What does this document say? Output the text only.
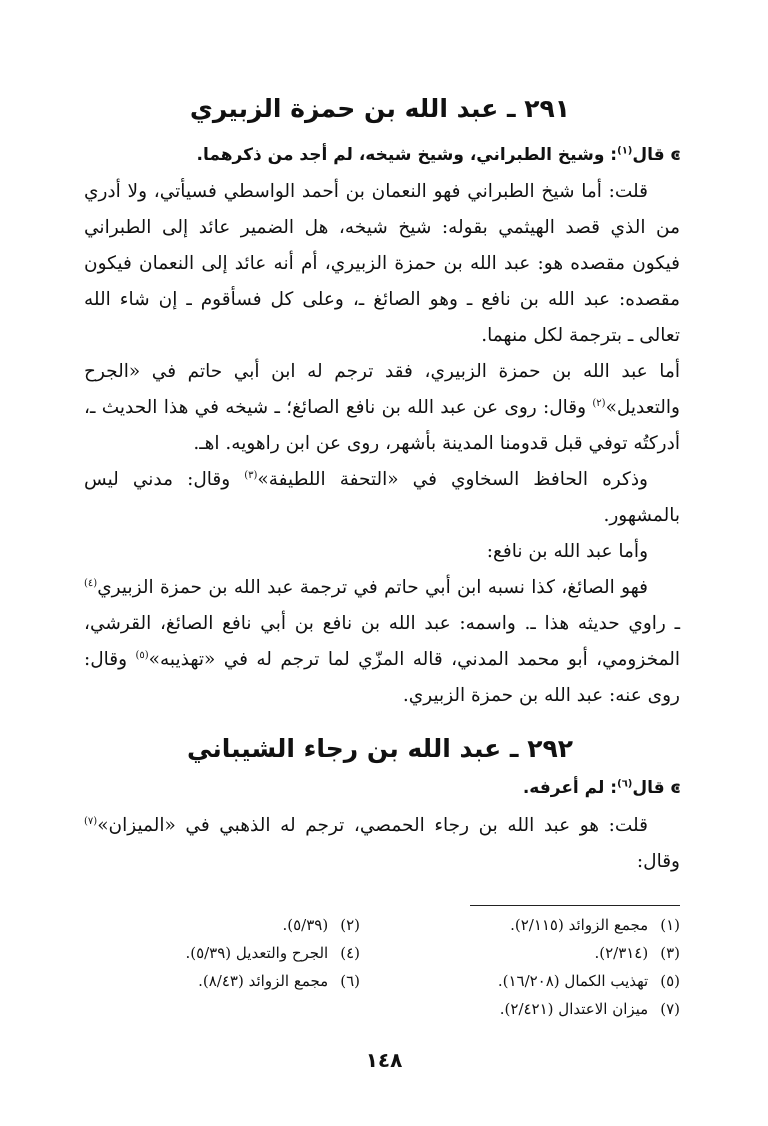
٢٩١ ـ عبد الله بن حمزة الزبيري
ͼقال$^{(١)}$: وشيخ الطبراني، وشيخ شيخه، لم أجد من ذكرهما.
قلت: أما شيخ الطبراني فهو النعمان بن أحمد الواسطي فسيأتي، ولا أدري من الذي قصد الهيثمي بقوله: شيخ شيخه، هل الضمير عائد إلى الطبراني فيكون مقصده هو: عبد الله بن حمزة الزبيري، أم أنه عائد إلى النعمان فيكون مقصده: عبد الله بن نافع ـ وهو الصائغ ـ، وعلى كل فسأقوم ـ إن شاء الله تعالى ـ بترجمة لكل منهما.
أما عبد الله بن حمزة الزبيري، فقد ترجم له ابن أبي حاتم في «الجرح والتعديل»$^{(٢)}$ وقال: روى عن عبد الله بن نافع الصائغ؛ ـ شيخه في هذا الحديث ـ، أدركتُه توفي قبل قدومنا المدينة بأشهر، روى عن ابن راهويه. اهـ.
وذكره الحافظ السخاوي في «التحفة اللطيفة»$^{(٣)}$ وقال: مدني ليس بالمشهور.
وأما عبد الله بن نافع:
فهو الصائغ، كذا نسبه ابن أبي حاتم في ترجمة عبد الله بن حمزة الزبيري$^{(٤)}$ ـ راوي حديثه هذا ـ. واسمه: عبد الله بن نافع بن أبي نافع الصائغ، القرشي، المخزومي، أبو محمد المدني، قاله المزّي لما ترجم له في «تهذيبه»$^{(٥)}$ وقال: روى عنه: عبد الله بن حمزة الزبيري.
٢٩٢ ـ عبد الله بن رجاء الشيباني
ͼقال$^{(٦)}$: لم أعرفه.
قلت: هو عبد الله بن رجاء الحمصي، ترجم له الذهبي في «الميزان»$^{(٧)}$ وقال:
(١)مجمع الزوائد (٢/١١٥).
(٢)(٥/٣٩).
(٣)(٢/٣١٤).
(٤)الجرح والتعديل (٥/٣٩).
(٥)تهذيب الكمال (١٦/٢٠٨).
(٦)مجمع الزوائد (٨/٤٣).
(٧)ميزان الاعتدال (٢/٤٢١).
١٤٨
